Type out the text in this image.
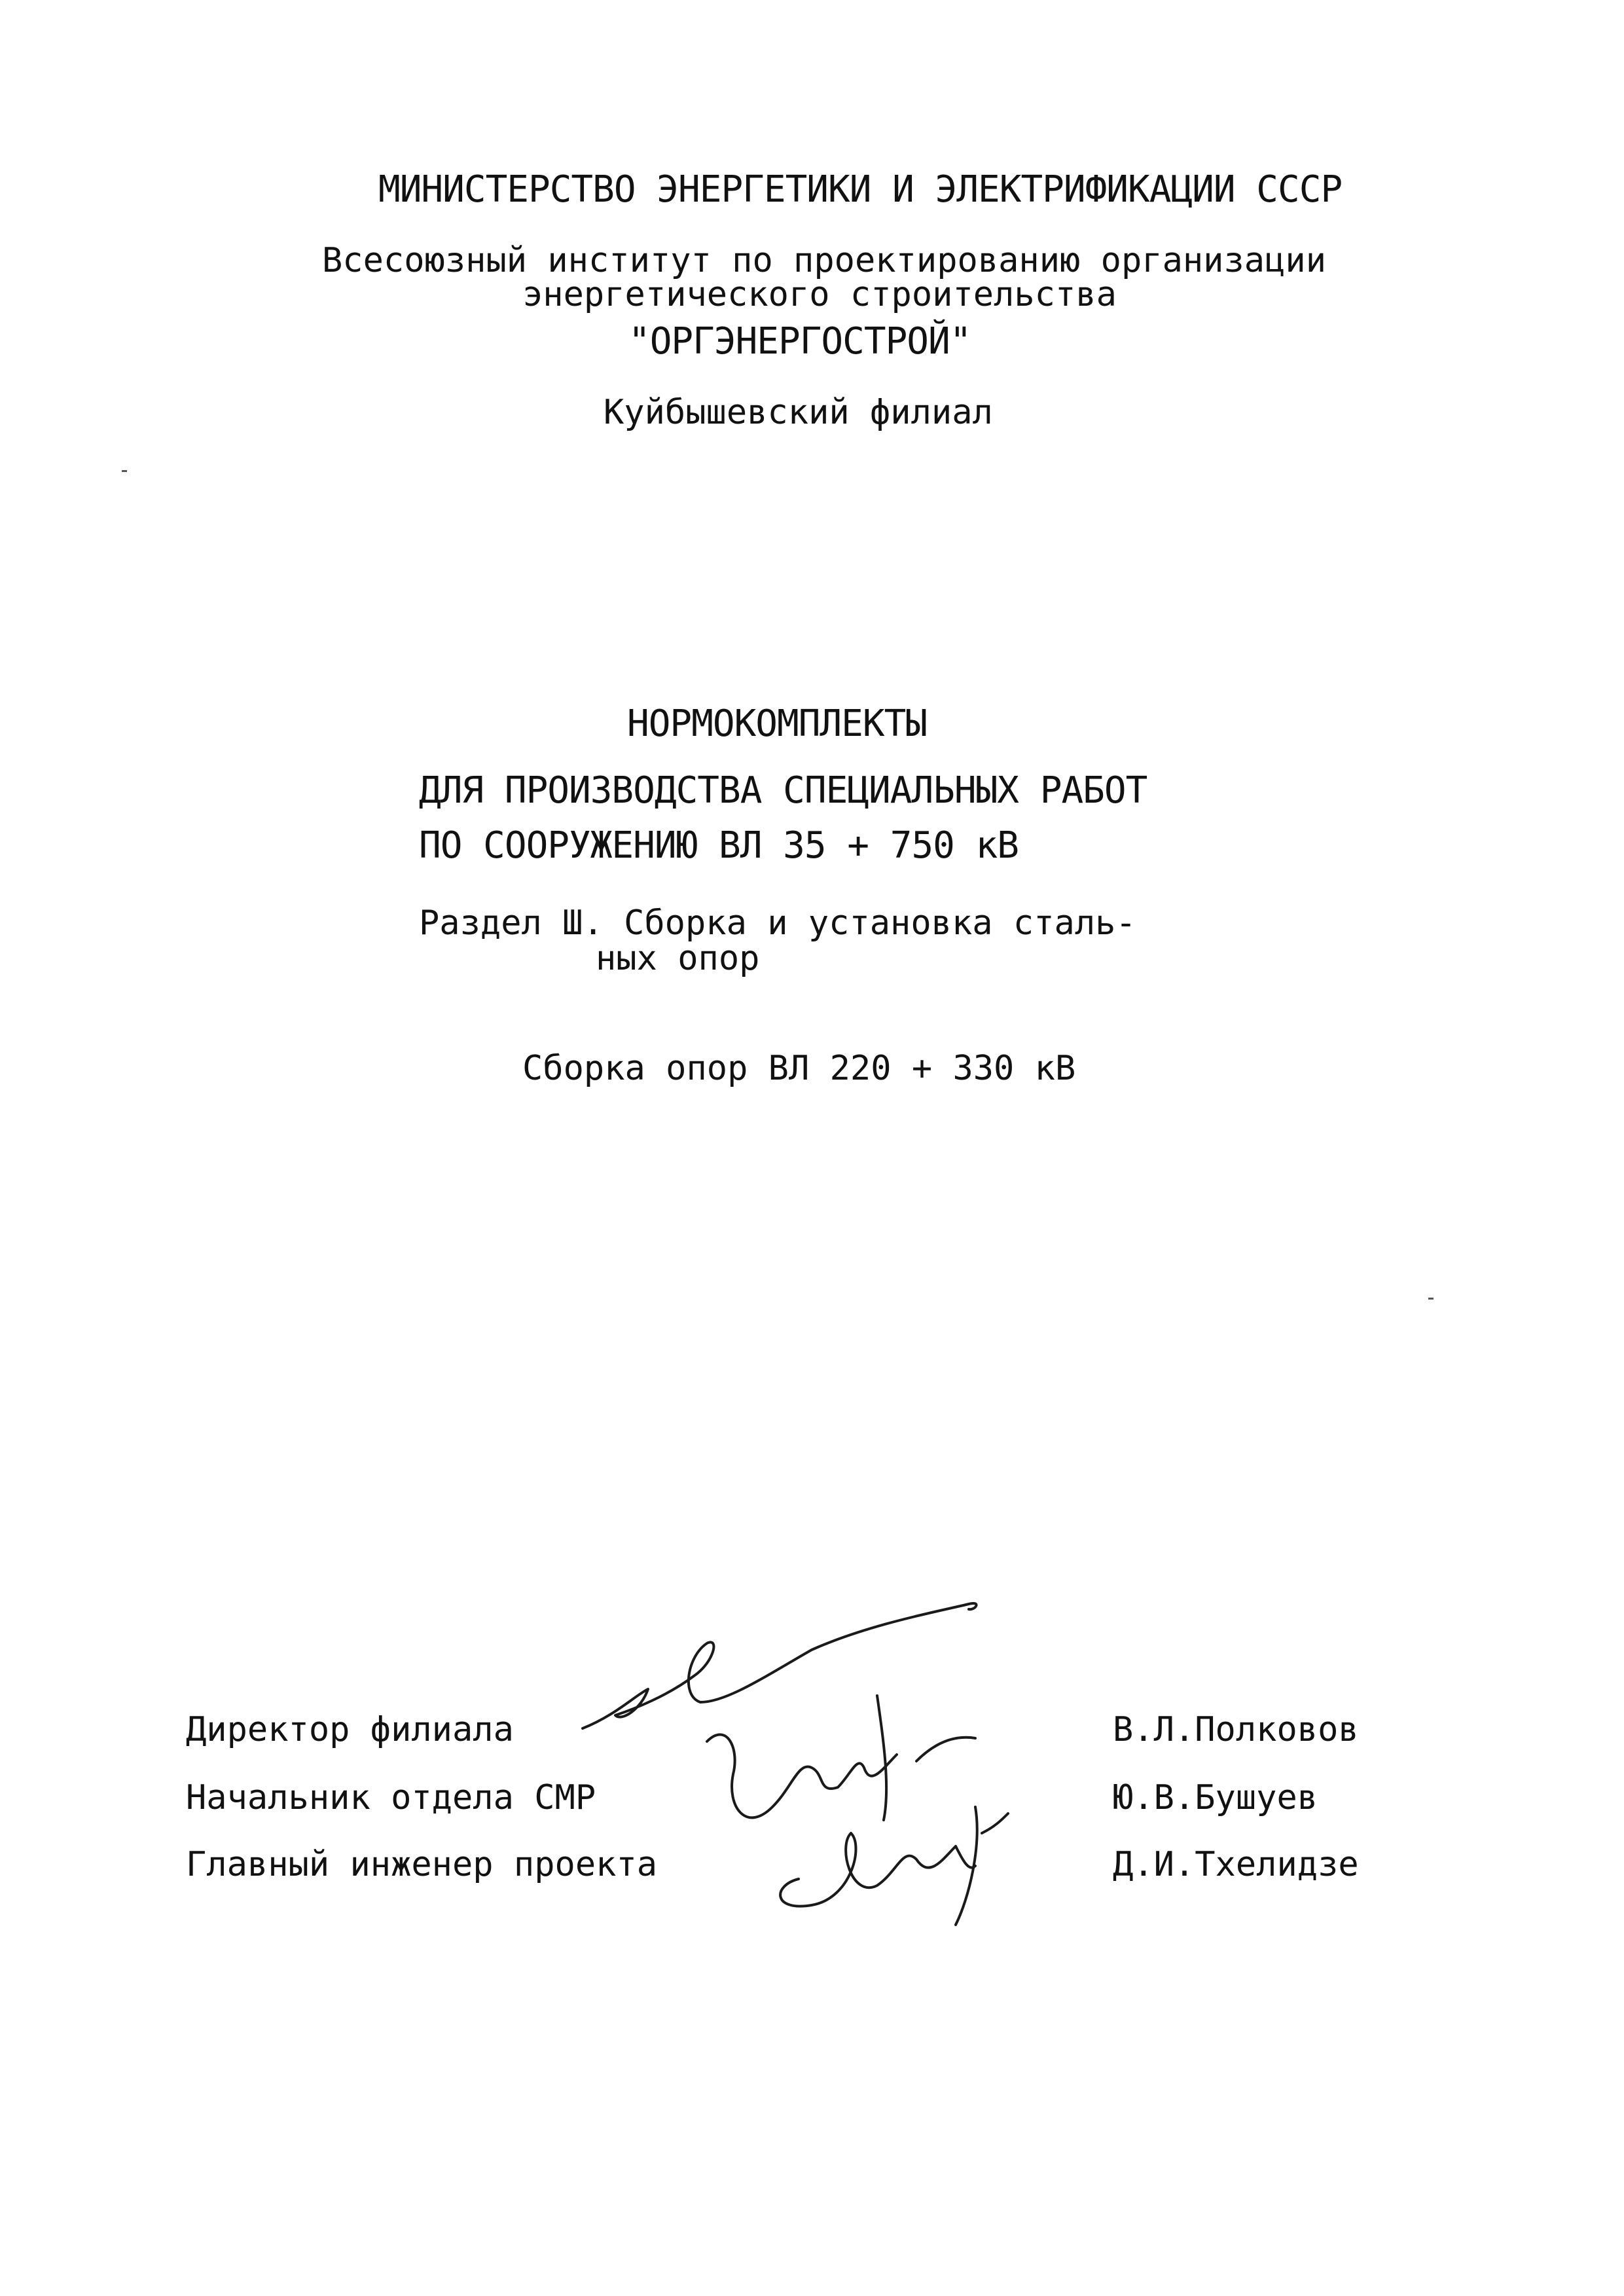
МИНИСТЕРСТВО ЭНЕРГЕТИКИ И ЭЛЕКТРИФИКАЦИИ СССР
Всесоюзный институт по проектированию организации
энергетического строительства
"ОРГЭНЕРГОСТРОЙ"
Куйбышевский филиал
НОРМОКОМПЛЕКТЫ
ДЛЯ ПРОИЗВОДСТВА СПЕЦИАЛЬНЫХ РАБОТ
ПО СООРУЖЕНИЮ ВЛ 35 + 750 кВ
Раздел Ш. Сборка и установка сталь-
ных опор
Сборка опор ВЛ 220 + 330 кВ
Директор филиала	В.Л.Полковов
Начальник отдела СМР	Ю.В.Бушуев
Главный инженер проекта	Д.И.Тхелидзе
